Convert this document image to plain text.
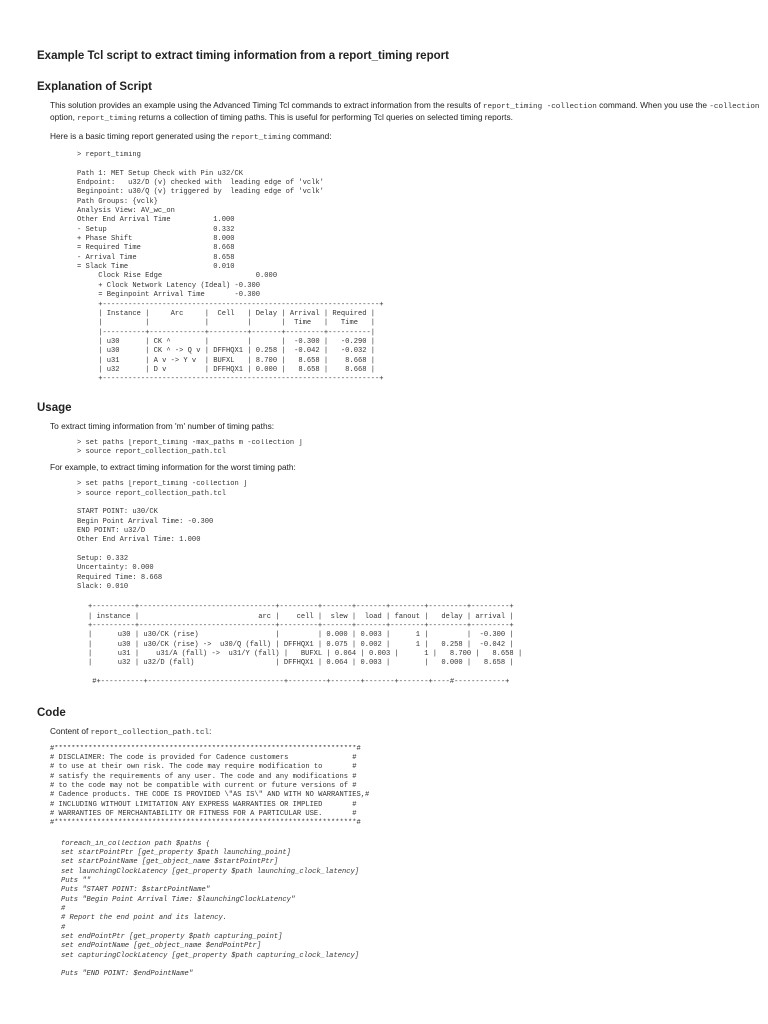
Example Tcl script to extract timing information from a report_timing report
Explanation of Script

This solution provides an example using the Advanced Timing Tcl commands to extract information from the results of report_timing -collection command. When you use the -collection option, report_timing returns a collection of timing paths. This is useful for performing Tcl queries on selected timing reports.

Here is a basic timing report generated using the report_timing command:

> report_timing

Path 1: MET Setup Check with Pin u32/CK
Endpoint:   u32/D (v) checked with  leading edge of 'vclk'
Beginpoint: u30/Q (v) triggered by  leading edge of 'vclk'
Path Groups: {vclk}
Analysis View: AV_wc_on
Other End Arrival Time          1.000
- Setup                         0.332
+ Phase Shift                   8.000
= Required Time                 8.668
- Arrival Time                  8.658
= Slack Time                    0.010
Clock Rise Edge                      0.000
+ Clock Network Latency (Ideal) -0.300
= Beginpoint Arrival Time       -0.300
+-----------------------------------------------------------------+
| Instance |     Arc     |  Cell   | Delay | Arrival | Required |
|          |             |         |       |  Time   |   Time   |
|----------+-------------+---------+-------+---------+----------|
| u30      | CK ^        |         |       |  -0.300 |   -0.290 |
| u30      | CK ^ -> Q v | DFFHQX1 | 0.258 |  -0.042 |   -0.032 |
| u31      | A v -> Y v  | BUFXL   | 8.700 |   8.658 |    8.668 |
| u32      | D v         | DFFHQX1 | 0.000 |   8.658 |    8.668 |
+-----------------------------------------------------------------+
Usage

To extract timing information from 'm' number of timing paths:

> set paths [report_timing -max_paths m -collection ]
> source report_collection_path.tcl

For example, to extract timing information for the worst timing path:

> set paths [report_timing -collection ]
> source report_collection_path.tcl

START POINT: u30/CK
Begin Point Arrival Time: -0.300
END POINT: u32/D
Other End Arrival Time: 1.000

Setup: 0.332
Uncertainty: 0.000
Required Time: 8.668
Slack: 0.010
+----------+--------------------------------+---------+-------+-------+--------+---------+---------+
| instance |                            arc |    cell |  slew |  load | fanout |   delay | arrival |
+----------+--------------------------------+---------+-------+-------+--------+---------+---------+
|      u30 | u30/CK (rise)                  |         | 0.000 | 0.003 |      1 |         |  -0.300 |
|      u30 | u30/CK (rise) ->  u30/Q (fall) | DFFHQX1 | 0.075 | 0.002 |      1 |   0.258 |  -0.042 |
|      u31 |    u31/A (fall) ->  u31/Y (fall) |   BUFXL | 0.064 | 0.003 |      1 |   8.700 |   8.658 |
|      u32 | u32/D (fall)                   | DFFHQX1 | 0.064 | 0.003 |        |   0.000 |   8.658 |

#+----------+--------------------------------+---------+-------+-------+-------+----#------------+
Code

Content of report_collection_path.tcl:

#***********************************************************************#
# DISCLAIMER: The code is provided for Cadence customers               #
# to use at their own risk. The code may require modification to       #
# satisfy the requirements of any user. The code and any modifications #
# to the code may not be compatible with current or future versions of #
# Cadence products. THE CODE IS PROVIDED \"AS IS\" AND WITH NO WARRANTIES,#
# INCLUDING WITHOUT LIMITATION ANY EXPRESS WARRANTIES OR IMPLIED       #
# WARRANTIES OF MERCHANTABILITY OR FITNESS FOR A PARTICULAR USE.       #
#***********************************************************************#
foreach_in_collection path $paths {
set startPointPtr [get_property $path launching_point]
set startPointName [get_object_name $startPointPtr]
set launchingClockLatency [get_property $path launching_clock_latency]
Puts ""
Puts "START POINT: $startPointName"
Puts "Begin Point Arrival Time: $launchingClockLatency"
#
# Report the end point and its latency.
#
set endPointPtr [get_property $path capturing_point]
set endPointName [get_object_name $endPointPtr]
set capturingClockLatency [get_property $path capturing_clock_latency]

Puts "END POINT: $endPointName"
